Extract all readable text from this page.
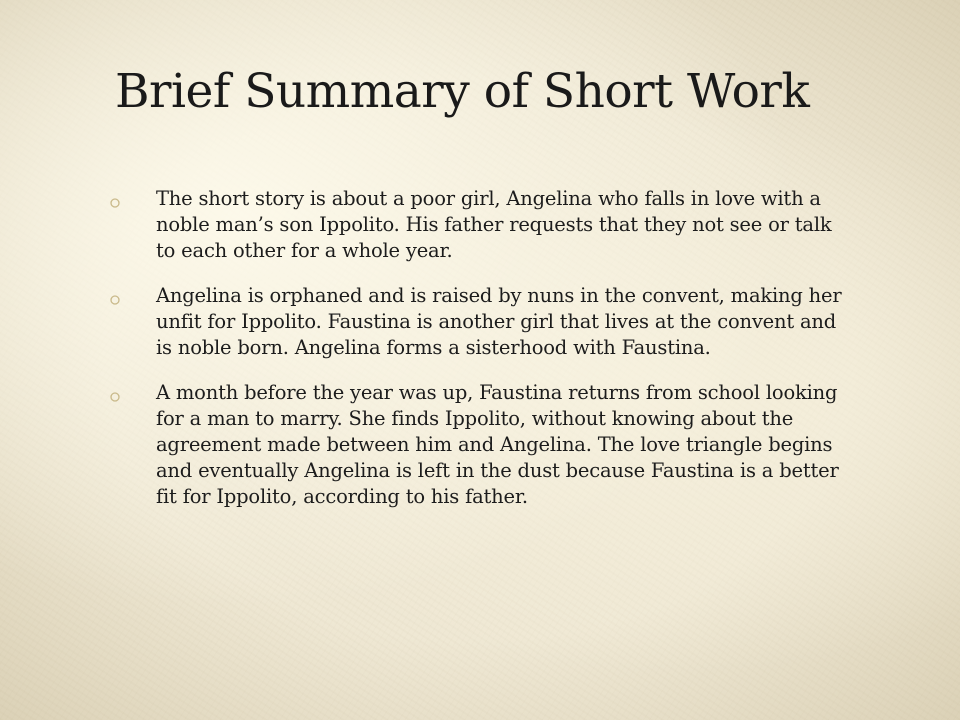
Brief Summary of Short Work
The short story is about a poor girl, Angelina who falls in love with a noble man’s son Ippolito. His father requests that they not see or talk to each other for a whole year.
Angelina is orphaned and is raised by nuns in the convent, making her unfit for Ippolito. Faustina is another girl that lives at the convent and is noble born. Angelina forms a sisterhood with Faustina.
A month before the year was up, Faustina returns from school looking for a man to marry. She finds Ippolito, without knowing about the agreement made between him and Angelina. The love triangle begins and eventually Angelina is left in the dust because Faustina is a better fit for Ippolito, according to his father.
